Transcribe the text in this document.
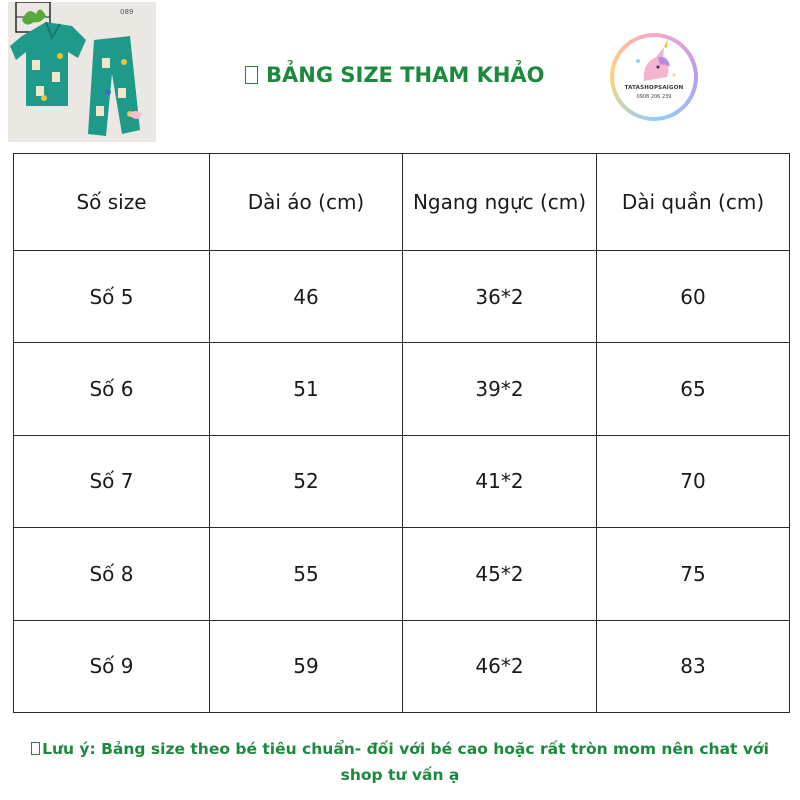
089
BẢNG SIZE THAM KHẢO
TATASHOPSAIGON
0908 206 239
Số size	Dài áo (cm)	Ngang ngực (cm)	Dài quần (cm)
Số 5	46	36*2	60
Số 6	51	39*2	65
Số 7	52	41*2	70
Số 8	55	45*2	75
Số 9	59	46*2	83
Lưu ý: Bảng size theo bé tiêu chuẩn- đối với bé cao hoặc rất tròn mom nên chat với
shop tư vấn ạ
